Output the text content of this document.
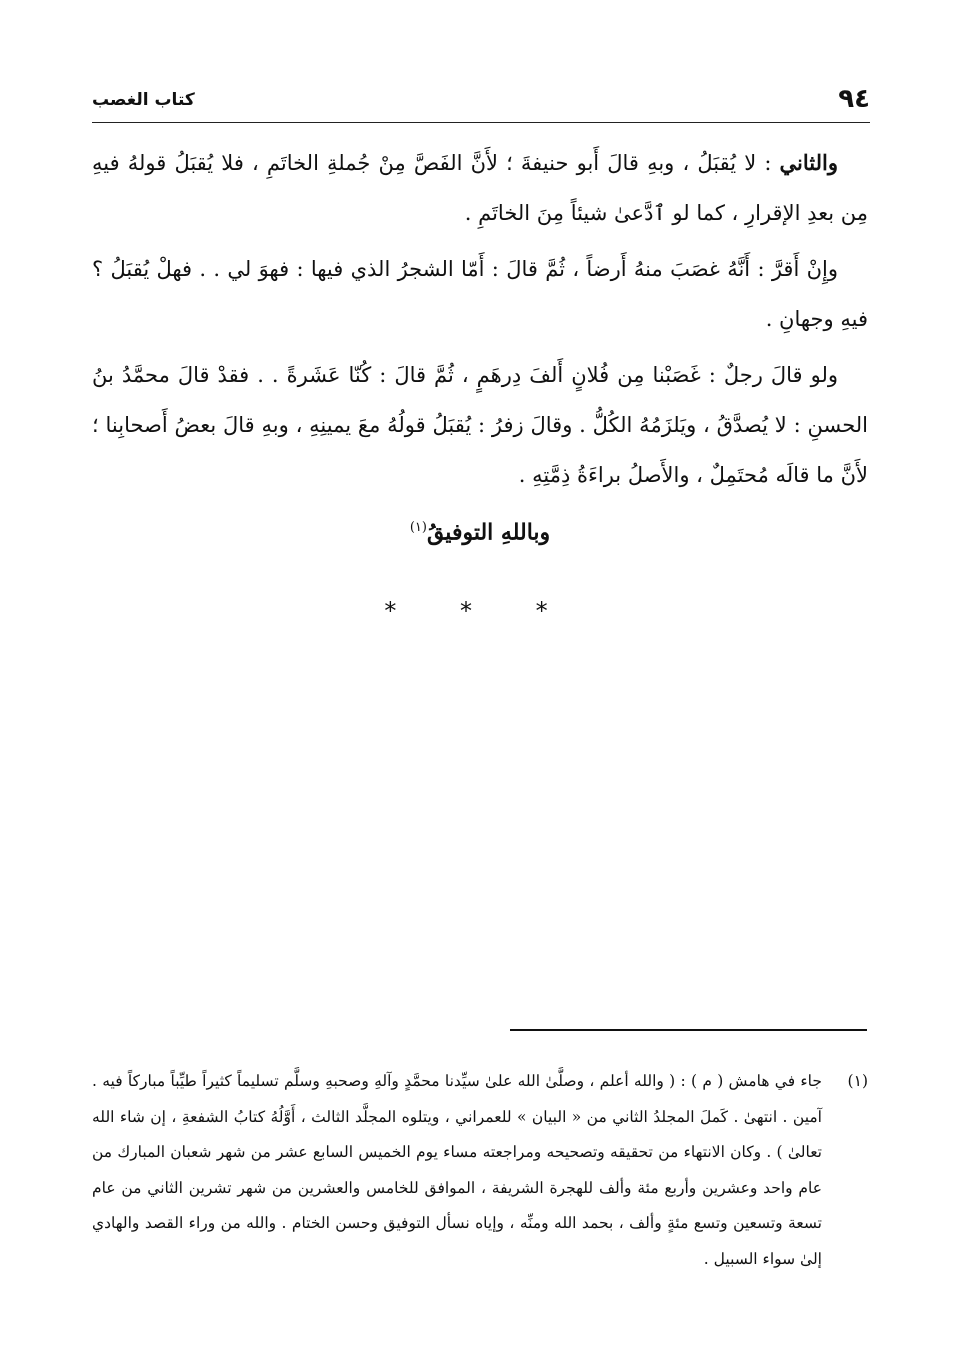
٩٤
كتاب الغصب

والثاني : لا يُقبَلُ ، وبهِ قالَ أَبو حنيفةَ ؛ لأَنَّ الفَصَّ مِنْ جُملةِ الخاتَمِ ، فلا يُقبَلُ قولهُ فيهِ مِن بعدِ الإقرارِ ، كما لو ٱدَّعىٰ شيئاً مِنَ الخاتَمِ .

وإِنْ أَقرَّ : أَنَّهُ غصَبَ منهُ أَرضاً ، ثُمَّ قالَ : أَمّا الشجرُ الذي فيها : فهوَ لي . . فهلْ يُقبَلُ ؟ فيهِ وجهانِ .

ولو قالَ رجلٌ : غَصَبْنا مِن فُلانٍ أَلفَ دِرهَمٍ ، ثُمَّ قالَ : كُنّا عَشَرةً . . فقدْ قالَ محمَّدُ بنُ الحسنِ : لا يُصدَّقُ ، ويَلزَمُهُ الكُلُّ . وقالَ زفرُ : يُقبَلُ قولُهُ معَ يمينِهِ ، وبهِ قالَ بعضُ أَصحابِنا ؛ لأَنَّ ما قالَه مُحتَمِلٌ ، والأَصلُ براءَةُ ذِمَّتِهِ .

وباللهِ التوفيقُ$^{(١)}$
* * *
(١)
جاء في هامش ( م ) : ( والله أعلم ، وصلَّىٰ الله علىٰ سيِّدنا محمَّدٍ وآلهِ وصحبهِ وسلَّم تسليماً كثيراً طيِّباً مباركاً فيه . آمين . انتهىٰ . كَملَ المجلدُ الثاني من « البيان » للعمراني ، ويتلوه المجلَّد الثالث ، أَوَّلُهُ كتابُ الشفعةِ ، إن شاء الله تعالىٰ ) . وكان الانتهاء من تحقيقه وتصحيحه ومراجعته مساء يوم الخميس السابع عشر من شهر شعبان المبارك من عام واحد وعشرين وأربع مئة وألف للهجرة الشريفة ، الموافق للخامس والعشرين من شهر تشرين الثاني من عام تسعة وتسعين وتسع مئةٍ وألف ، بحمد الله ومنِّه ، وإياه نسأل التوفيق وحسن الختام . والله من وراء القصد والهادي إلىٰ سواء السبيل .
